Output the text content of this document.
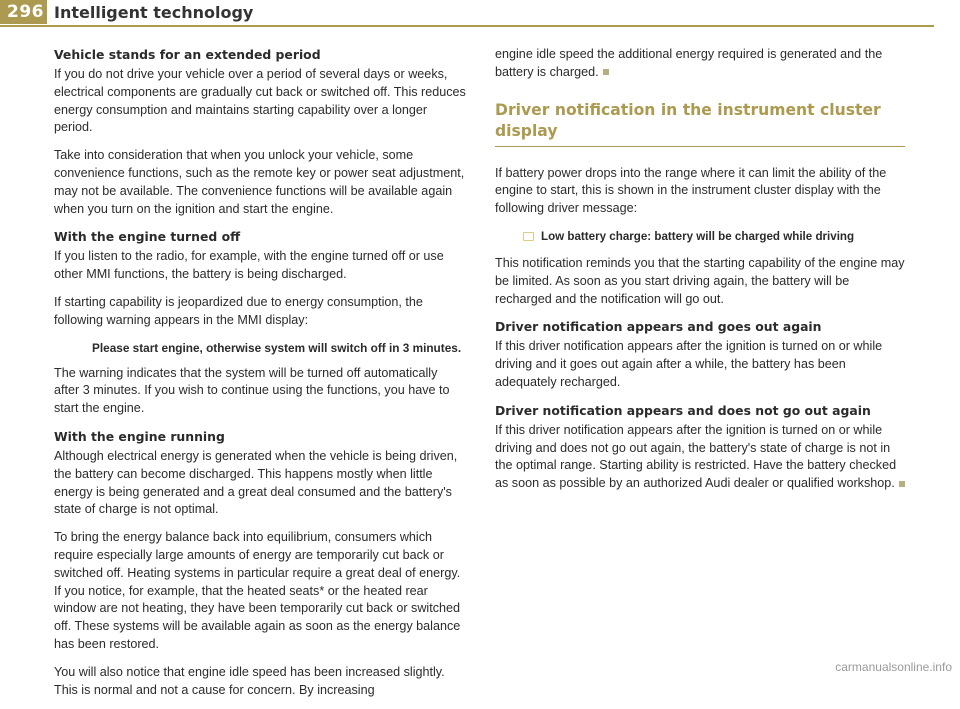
296 Intelligent technology
Vehicle stands for an extended period

If you do not drive your vehicle over a period of several days or weeks, electrical components are gradually cut back or switched off. This reduces energy consumption and maintains starting capability over a longer period.

Take into consideration that when you unlock your vehicle, some convenience functions, such as the remote key or power seat adjustment, may not be available. The convenience functions will be available again when you turn on the ignition and start the engine.

With the engine turned off

If you listen to the radio, for example, with the engine turned off or use other MMI functions, the battery is being discharged.

If starting capability is jeopardized due to energy consumption, the following warning appears in the MMI display:

Please start engine, otherwise system will switch off in 3 minutes.

The warning indicates that the system will be turned off automatically after 3 minutes. If you wish to continue using the functions, you have to start the engine.

With the engine running

Although electrical energy is generated when the vehicle is being driven, the battery can become discharged. This happens mostly when little energy is being generated and a great deal consumed and the battery's state of charge is not optimal.

To bring the energy balance back into equilibrium, consumers which require especially large amounts of energy are temporarily cut back or switched off. Heating systems in particular require a great deal of energy. If you notice, for example, that the heated seats* or the heated rear window are not heating, they have been temporarily cut back or switched off. These systems will be available again as soon as the energy balance has been restored.

You will also notice that engine idle speed has been increased slightly. This is normal and not a cause for concern. By increasing

engine idle speed the additional energy required is generated and the battery is charged.

Driver notification in the instrument cluster display

If battery power drops into the range where it can limit the ability of the engine to start, this is shown in the instrument cluster display with the following driver message:

Low battery charge: battery will be charged while driving

This notification reminds you that the starting capability of the engine may be limited. As soon as you start driving again, the battery will be recharged and the notification will go out.

Driver notification appears and goes out again

If this driver notification appears after the ignition is turned on or while driving and it goes out again after a while, the battery has been adequately recharged.

Driver notification appears and does not go out again

If this driver notification appears after the ignition is turned on or while driving and does not go out again, the battery's state of charge is not in the optimal range. Starting ability is restricted. Have the battery checked as soon as possible by an authorized Audi dealer or qualified workshop.

carmanualsonline.info
